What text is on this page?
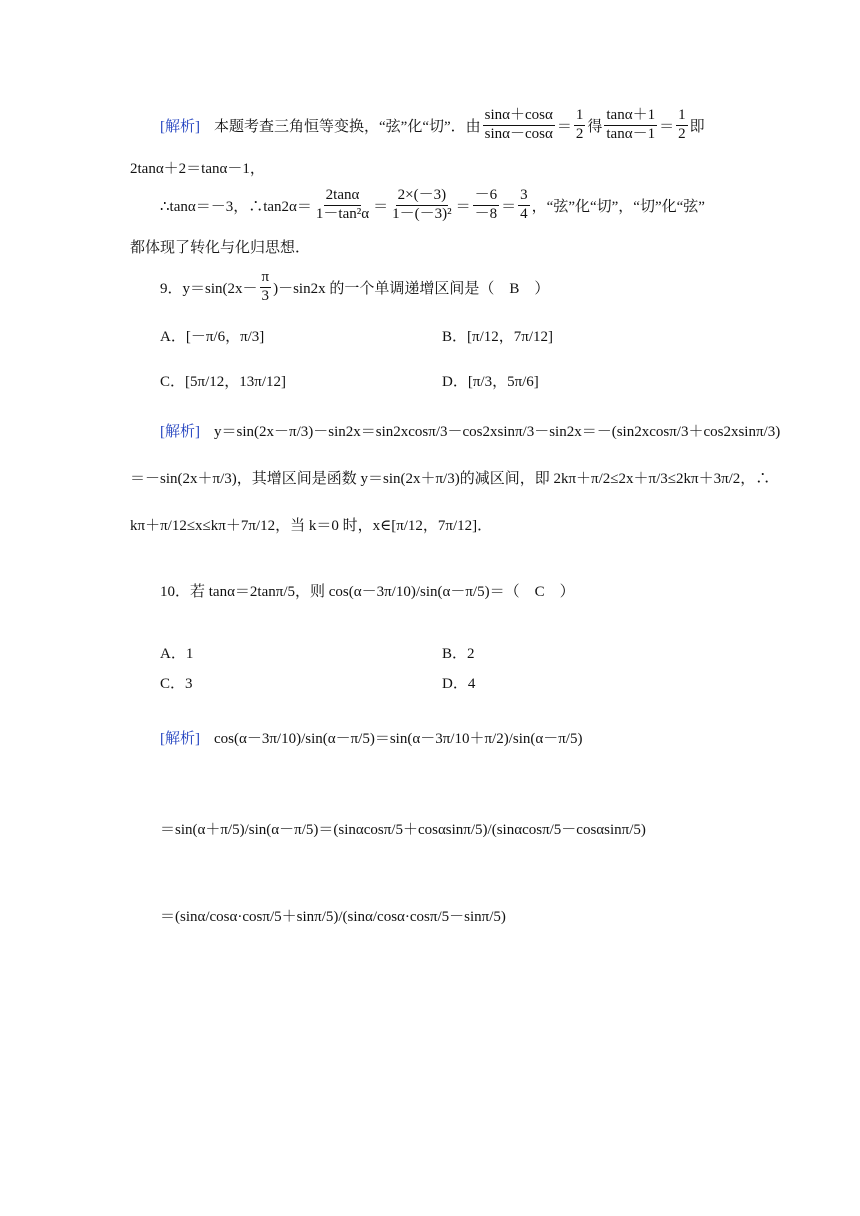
[解析] 本题考查三角恒等变换，“弦”化“切”．由 $\frac{\sin\alpha+\cos\alpha}{\sin\alpha-\cos\alpha} = \frac{1}{2}$ 得 $\frac{\tan\alpha+1}{\tan\alpha-1} = \frac{1}{2}$ 即
2tanα＋2＝tanα－1，
∴tanα＝－3，∴tan2α＝ $\frac{2\tan\alpha}{\text{1－tan²α}} = \frac{2\times(-3)}{\text{1－(－3)²}} = \frac{-6}{-8} = \frac{3}{4}$ ，“弦”化“切”，“切”化“弦”
都体现了转化与化归思想．
9．$y=\sin(2x- \frac{\pi}{3} )-\sin 2x$ 的一个单调递增区间是（　B　）
A．[－π/6，π/3]	B．[π/12，7π/12]
C．[5π/12，13π/12]	D．[π/3，5π/6]
[解析] y＝sin(2x－π/3)－sin2x＝sin2xcosπ/3－cos2xsinπ/3－sin2x＝－(sin2xcosπ/3＋cos2xsinπ/3)
＝－sin(2x＋π/3)，其增区间是函数 y＝sin(2x＋π/3)的减区间，即 2kπ＋π/2≤2x＋π/3≤2kπ＋3π/2，∴
kπ＋π/12≤x≤kπ＋7π/12，当 k＝0 时，x∈[π/12，7π/12]．
10．若 tanα＝2tanπ/5，则 cos(α－3π/10)/sin(α－π/5)＝（　C　）
A．1	B．2
C．3	D．4
[解析] cos(α－3π/10)/sin(α－π/5)＝sin(α－3π/10＋π/2)/sin(α－π/5)
＝sin(α＋π/5)/sin(α－π/5)＝(sinαcosπ/5＋cosαsinπ/5)/(sinαcosπ/5－cosαsinπ/5)
＝(sinα/cosα·cosπ/5＋sinπ/5)/(sinα/cosα·cosπ/5－sinπ/5)
